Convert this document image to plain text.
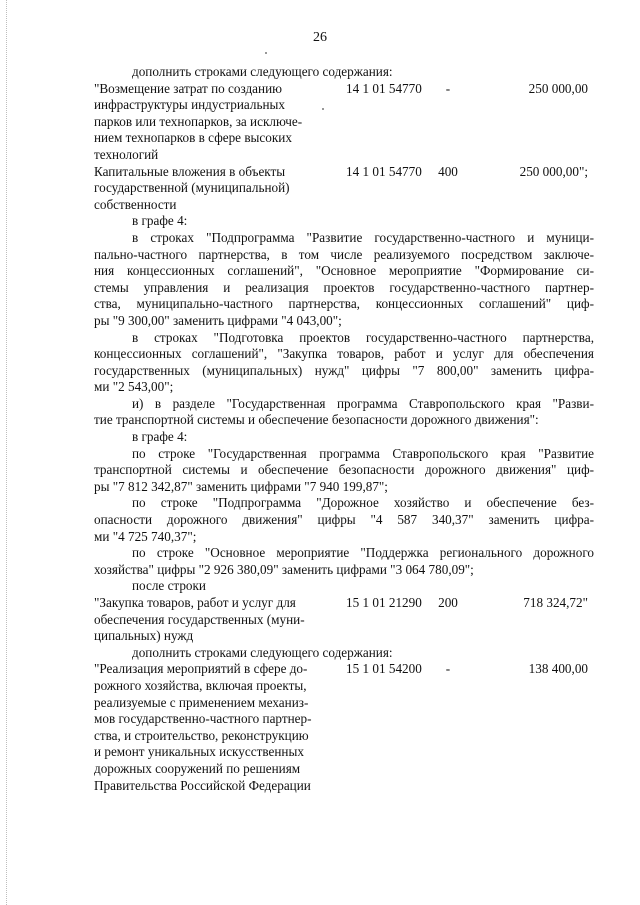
26
дополнить строками следующего содержания:
"Возмещение затрат по созданию
инфраструктуры индустриальных
парков или технопарков, за исключе-
нием технопарков в сфере высоких
технологий
14 1 01 54770	-	250 000,00
Капитальные вложения в объекты
государственной (муниципальной)
собственности
14 1 01 54770	400	250 000,00";
в графе 4:
в строках "Подпрограмма "Развитие государственно-частного и муници-
пально-частного партнерства, в том числе реализуемого посредством заключе-
ния концессионных соглашений", "Основное мероприятие "Формирование си-
стемы управления и реализация проектов государственно-частного партнер-
ства, муниципально-частного партнерства, концессионных соглашений" циф-
ры "9 300,00" заменить цифрами "4 043,00";
в строках "Подготовка проектов государственно-частного партнерства,
концессионных соглашений", "Закупка товаров, работ и услуг для обеспечения
государственных (муниципальных) нужд" цифры "7 800,00" заменить цифра-
ми "2 543,00";
и) в разделе "Государственная программа Ставропольского края "Разви-
тие транспортной системы и обеспечение безопасности дорожного движения":
в графе 4:
по строке "Государственная программа Ставропольского края "Развитие
транспортной системы и обеспечение безопасности дорожного движения" циф-
ры "7 812 342,87" заменить цифрами "7 940 199,87";
по строке "Подпрограмма "Дорожное хозяйство и обеспечение без-
опасности дорожного движения" цифры "4 587 340,37" заменить цифра-
ми "4 725 740,37";
по строке "Основное мероприятие "Поддержка регионального дорожного
хозяйства" цифры "2 926 380,09" заменить цифрами "3 064 780,09";
после строки
"Закупка товаров, работ и услуг для
обеспечения государственных (муни-
ципальных) нужд
15 1 01 21290	200	718 324,72"
дополнить строками следующего содержания:
"Реализация мероприятий в сфере до-
рожного хозяйства, включая проекты,
реализуемые с применением механиз-
мов государственно-частного партнер-
ства, и строительство, реконструкцию
и ремонт уникальных искусственных
дорожных сооружений по решениям
Правительства Российской Федерации
15 1 01 54200	-	138 400,00
